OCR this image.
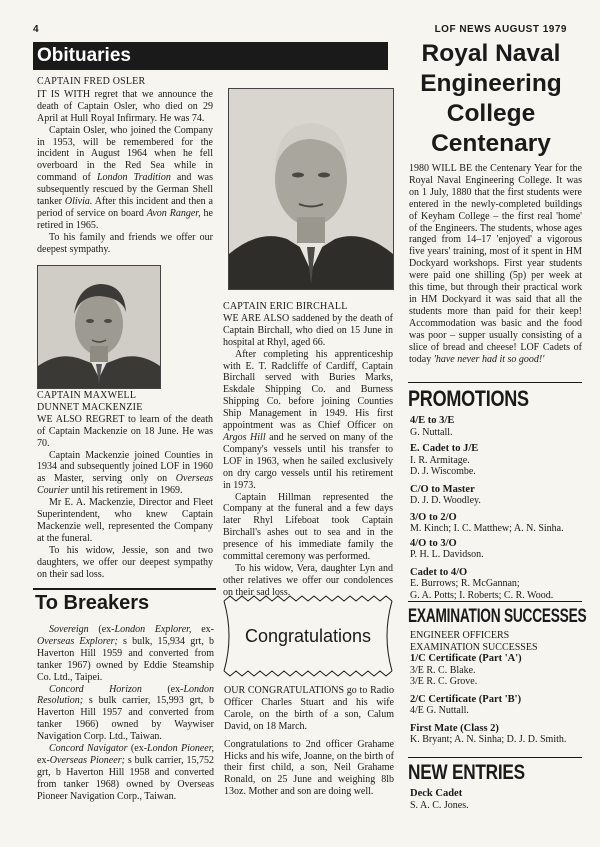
4	LOF NEWS AUGUST 1979
Obituaries
CAPTAIN FRED OSLER

IT IS WITH regret that we announce the death of Captain Osler, who died on 29 April at Hull Royal Infirmary. He was 74.

Captain Osler, who joined the Company in 1953, will be remembered for the incident in August 1964 when he fell overboard in the Red Sea while in command of London Tradition and was subsequently rescued by the German Shell tanker Olivia. After this incident and then a period of service on board Avon Ranger, he retired in 1965.

To his family and friends we offer our deepest sympathy.

CAPTAIN MAXWELL
DUNNET MACKENZIE

WE ALSO REGRET to learn of the death of Captain Mackenzie on 18 June. He was 70.

Captain Mackenzie joined Counties in 1934 and subsequently joined LOF in 1960 as Master, serving only on Overseas Courier until his retirement in 1969.

Mr E. A. Mackenzie, Director and Fleet Superintendent, who knew Captain Mackenzie well, represented the Company at the funeral.

To his widow, Jessie, son and two daughters, we offer our deepest sympathy on their sad loss.

CAPTAIN ERIC BIRCHALL

WE ARE ALSO saddened by the death of Captain Birchall, who died on 15 June in hospital at Rhyl, aged 66.

After completing his apprenticeship with E. T. Radcliffe of Cardiff, Captain Birchall served with Buries Marks, Eskdale Shipping Co. and Burness Shipping Co. before joining Counties Ship Management in 1949. His first appointment was as Chief Officer on Argos Hill and he served on many of the Company's vessels until his transfer to LOF in 1963, when he sailed exclusively on dry cargo vessels until his retirement in 1973.

Captain Hillman represented the Company at the funeral and a few days later Rhyl Lifeboat took Captain Birchall's ashes out to sea and in the presence of his immediate family the committal ceremony was performed.

To his widow, Vera, daughter Lyn and other relatives we offer our condolences on their sad loss.

To Breakers

Sovereign (ex-London Explorer, ex-Overseas Explorer; s bulk, 15,934 grt, b Haverton Hill 1959 and converted from tanker 1967) owned by Eddie Steamship Co. Ltd., Taipei.

Concord Horizon (ex-London Resolution; s bulk carrier, 15,993 grt, b Haverton Hill 1957 and converted from tanker 1966) owned by Waywiser Navigation Corp. Ltd., Taiwan.

Concord Navigator (ex-London Pioneer, ex-Overseas Pioneer; s bulk carrier, 15,752 grt, b Haverton Hill 1958 and converted from tanker 1968) owned by Overseas Pioneer Navigation Corp., Taiwan.

Congratulations

OUR CONGRATULATIONS go to Radio Officer Charles Stuart and his wife Carole, on the birth of a son, Calum David, on 18 March.

Congratulations to 2nd officer Grahame Hicks and his wife, Joanne, on the birth of their first child, a son, Neil Grahame Ronald, on 25 June and weighing 8lb 13oz. Mother and son are doing well.

Royal Naval
Engineering
College
Centenary

1980 WILL BE the Centenary Year for the Royal Naval Engineering College. It was on 1 July, 1880 that the first students were entered in the newly-completed buildings of Keyham College – the first real 'home' of the Engineers. The students, whose ages ranged from 14–17 'enjoyed' a vigorous five years' training, most of it spent in HM Dockyard workshops. First year students were paid one shilling (5p) per week at this time, but through their practical work in HM Dockyard it was said that all the students more than paid for their keep! Accommodation was basic and the food was poor – supper usually consisting of a slice of bread and cheese! LOF Cadets of today 'have never had it so good!'

PROMOTIONS
4/E to 3/E
G. Nuttall.
E. Cadet to J/E
I. R. Armitage.
D. J. Wiscombe.
C/O to Master
D. J. D. Woodley.
3/O to 2/O
M. Kinch; I. C. Matthew; A. N. Sinha.
4/O to 3/O
P. H. L. Davidson.
Cadet to 4/O
E. Burrows; R. McGannan;
G. A. Potts; I. Roberts; C. R. Wood.
EXAMINATION SUCCESSES
ENGINEER OFFICERS
EXAMINATION SUCCESSES
1/C Certificate (Part 'A')
3/E R. C. Blake.
3/E R. C. Grove.
2/C Certificate (Part 'B')
4/E G. Nuttall.
First Mate (Class 2)
K. Bryant; A. N. Sinha; D. J. D. Smith.
NEW ENTRIES
Deck Cadet
S. A. C. Jones.
